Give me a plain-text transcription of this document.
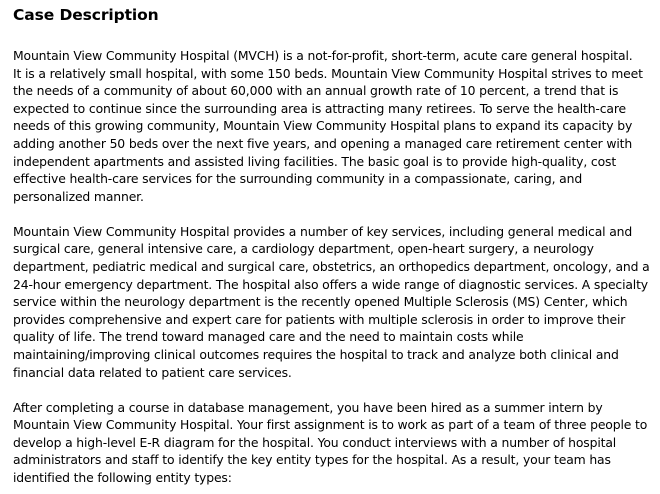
Case Description
Mountain View Community Hospital (MVCH) is a not-for-profit, short-term, acute care general hospital.
It is a relatively small hospital, with some 150 beds. Mountain View Community Hospital strives to meet
the needs of a community of about 60,000 with an annual growth rate of 10 percent, a trend that is
expected to continue since the surrounding area is attracting many retirees. To serve the health-care
needs of this growing community, Mountain View Community Hospital plans to expand its capacity by
adding another 50 beds over the next five years, and opening a managed care retirement center with
independent apartments and assisted living facilities. The basic goal is to provide high-quality, cost
effective health-care services for the surrounding community in a compassionate, caring, and
personalized manner.
Mountain View Community Hospital provides a number of key services, including general medical and
surgical care, general intensive care, a cardiology department, open-heart surgery, a neurology
department, pediatric medical and surgical care, obstetrics, an orthopedics department, oncology, and a
24-hour emergency department. The hospital also offers a wide range of diagnostic services. A specialty
service within the neurology department is the recently opened Multiple Sclerosis (MS) Center, which
provides comprehensive and expert care for patients with multiple sclerosis in order to improve their
quality of life. The trend toward managed care and the need to maintain costs while
maintaining/improving clinical outcomes requires the hospital to track and analyze both clinical and
financial data related to patient care services.
After completing a course in database management, you have been hired as a summer intern by
Mountain View Community Hospital. Your first assignment is to work as part of a team of three people to
develop a high-level E-R diagram for the hospital. You conduct interviews with a number of hospital
administrators and staff to identify the key entity types for the hospital. As a result, your team has
identified the following entity types:
